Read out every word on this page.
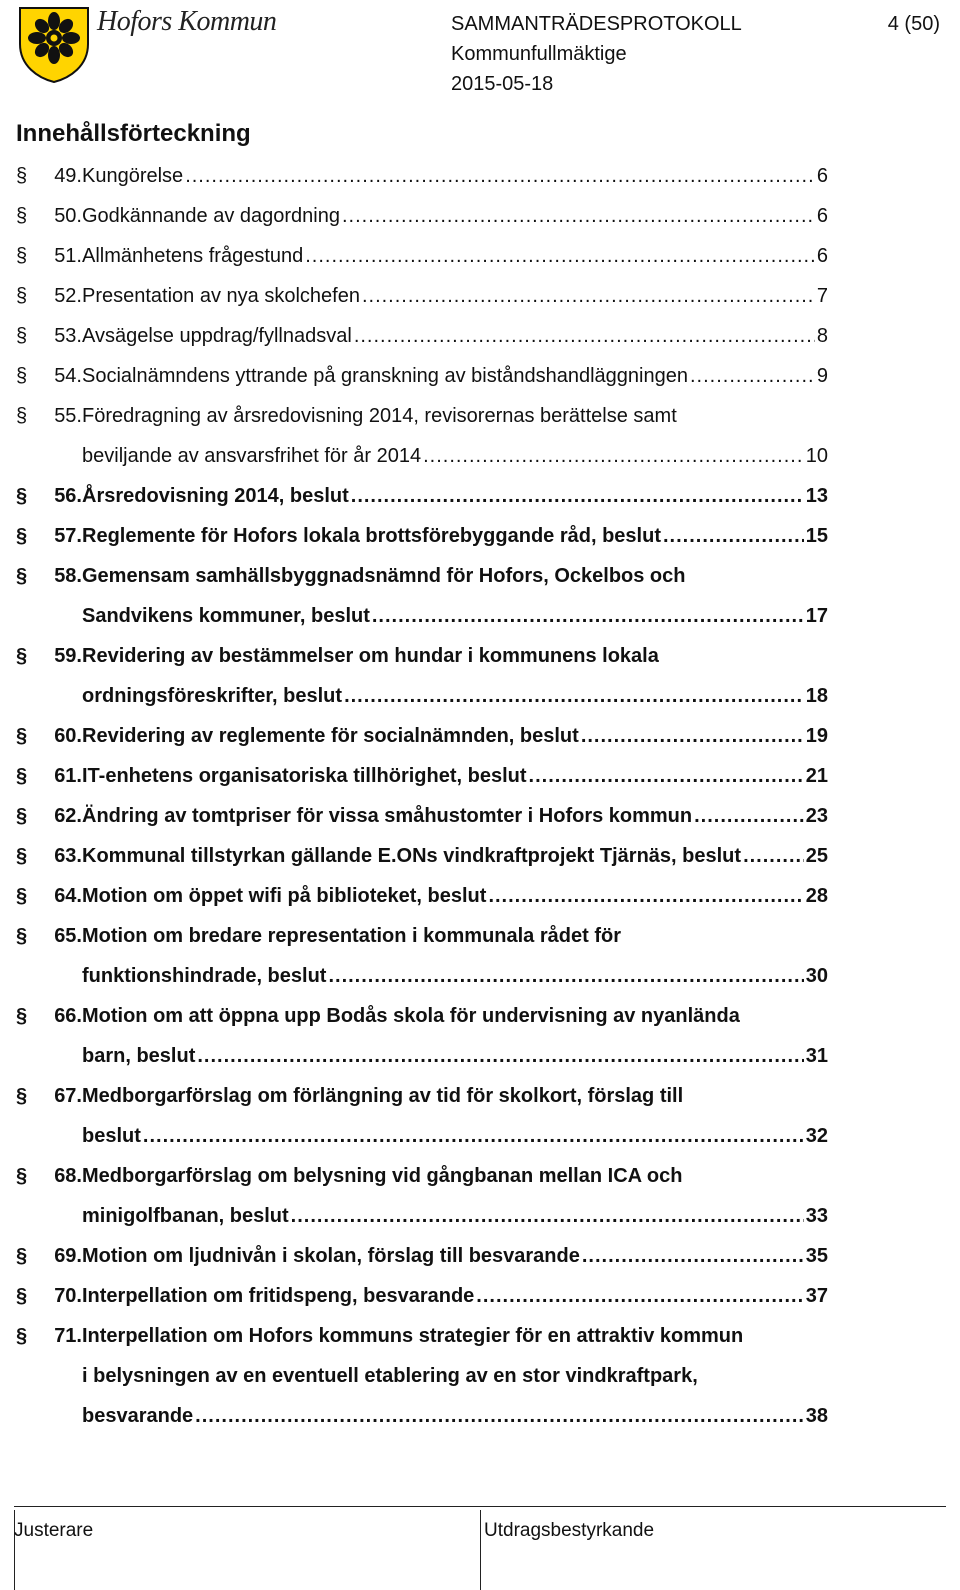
Hofors Kommun	SAMMANTRÄDESPROTOKOLL
Kommunfullmäktige
2015-05-18
4 (50)
Innehållsförteckning
§	49. Kungörelse .....	6
§	50. Godkännande av dagordning .....	6
§	51. Allmänhetens frågestund .....	6
§	52. Presentation av nya skolchefen .....	7
§	53. Avsägelse uppdrag/fyllnadsval .....	8
§	54. Socialnämndens yttrande på granskning av biståndshandläggningen .....	9
§	55. Föredragning av årsredovisning 2014, revisorernas berättelse samt
beviljande av ansvarsfrihet för år 2014 .....	10
§	56. Årsredovisning 2014, beslut .....	13
§	57. Reglemente för Hofors lokala brottsförebyggande råd, beslut .....	15
§	58. Gemensam samhällsbyggnadsnämnd för Hofors, Ockelbos och
Sandvikens kommuner, beslut .....	17
§	59. Revidering av bestämmelser om hundar i kommunens lokala
ordningsföreskrifter, beslut .....	18
§	60. Revidering av reglemente för socialnämnden, beslut .....	19
§	61. IT-enhetens organisatoriska tillhörighet, beslut .....	21
§	62. Ändring av tomtpriser för vissa småhustomter i Hofors kommun .....	23
§	63. Kommunal tillstyrkan gällande E.ONs vindkraftprojekt Tjärnäs, beslut .....	25
§	64. Motion om öppet wifi på biblioteket, beslut .....	28
§	65. Motion om bredare representation i kommunala rådet för
funktionshindrade, beslut .....	30
§	66. Motion om att öppna upp Bodås skola för undervisning av nyanlända
barn, beslut .....	31
§	67. Medborgarförslag om förlängning av tid för skolkort, förslag till
beslut .....	32
§	68. Medborgarförslag om belysning vid gångbanan mellan ICA och
minigolfbanan, beslut .....	33
§	69. Motion om ljudnivån i skolan, förslag till besvarande .....	35
§	70. Interpellation om fritidspeng, besvarande .....	37
§	71. Interpellation om Hofors kommuns strategier för en attraktiv kommun
i belysningen av en eventuell etablering av en stor vindkraftpark,
besvarande .....	38
Justerare	Utdragsbestyrkande
